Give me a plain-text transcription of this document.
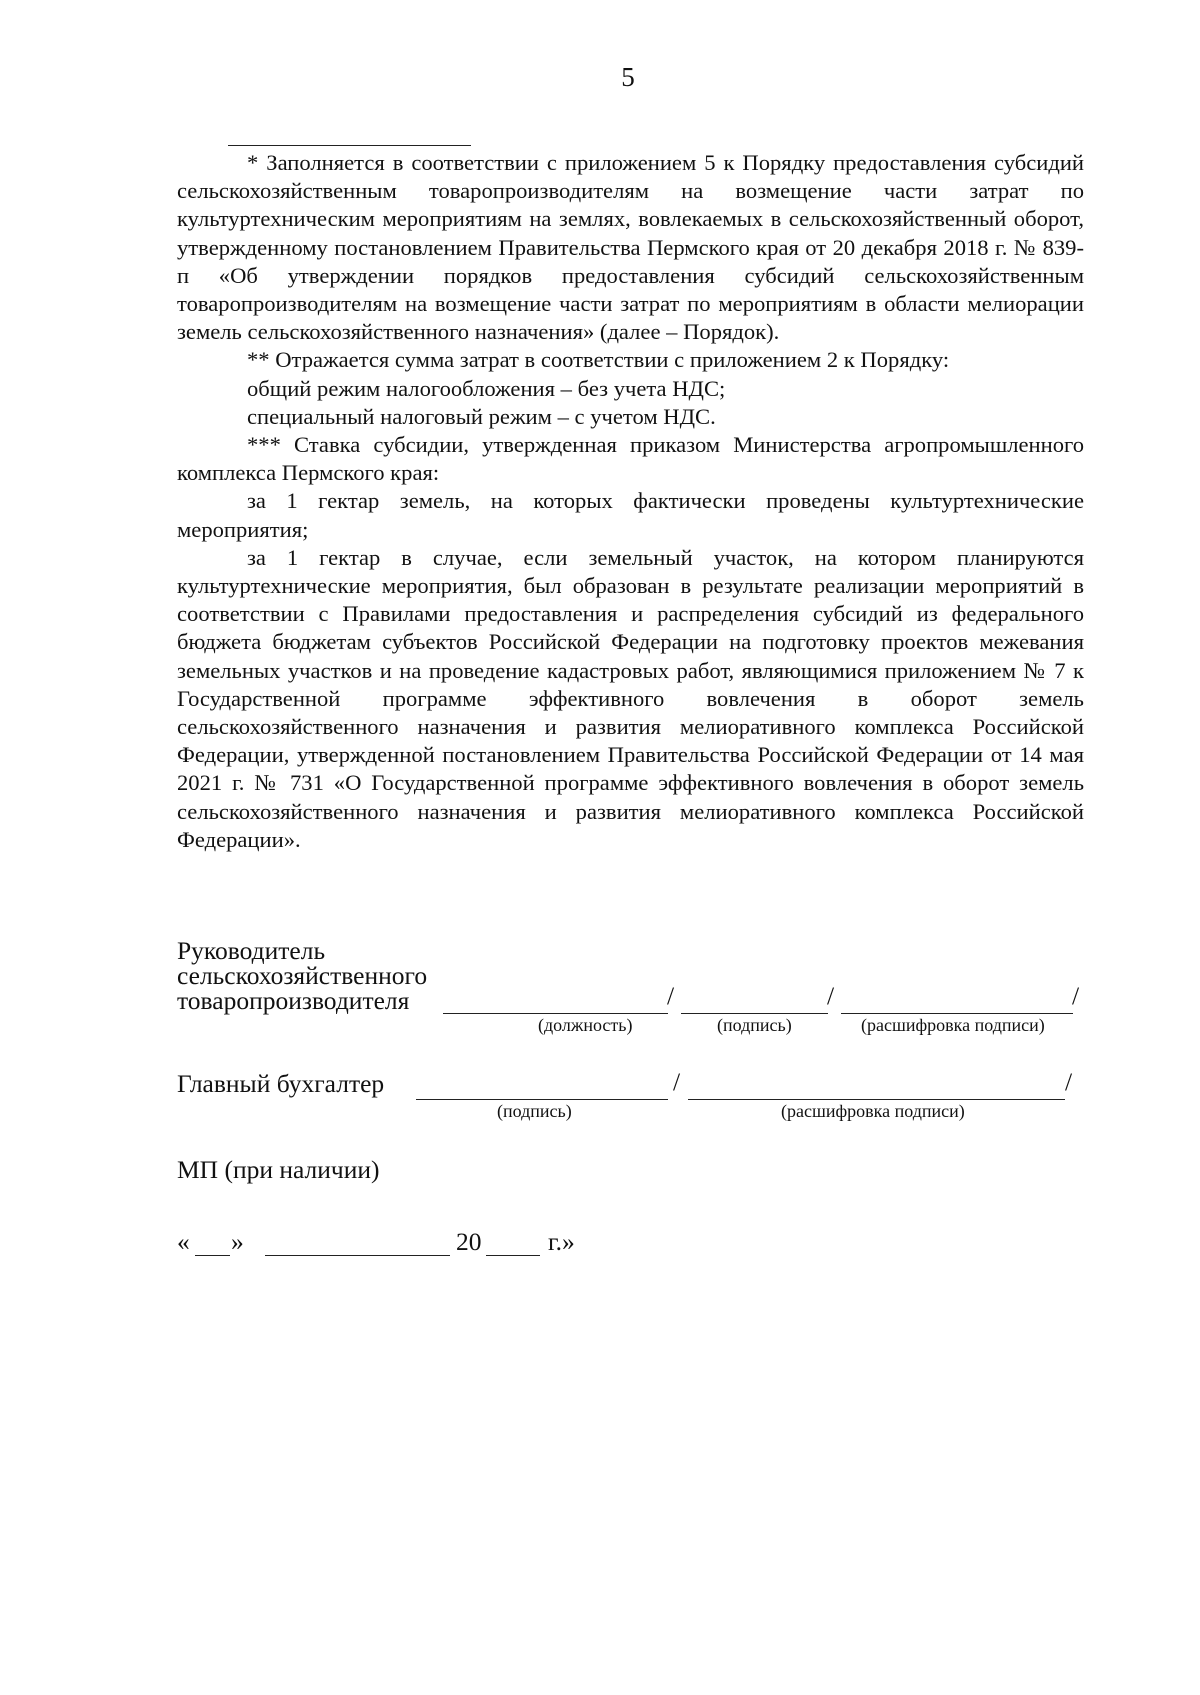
5

* Заполняется в соответствии с приложением 5 к Порядку предоставления субсидий сельскохозяйственным товаропроизводителям на возмещение части затрат по культуртехническим мероприятиям на землях, вовлекаемых в сельскохозяйственный оборот, утвержденному постановлением Правительства Пермского края от 20 декабря 2018 г. № 839-п «Об утверждении порядков предоставления субсидий сельскохозяйственным товаропроизводителям на возмещение части затрат по мероприятиям в области мелиорации земель сельскохозяйственного назначения» (далее – Порядок).

** Отражается сумма затрат в соответствии с приложением 2 к Порядку:

общий режим налогообложения – без учета НДС;

специальный налоговый режим – с учетом НДС.

*** Ставка субсидии, утвержденная приказом Министерства агропромышленного комплекса Пермского края:

за 1 гектар земель, на которых фактически проведены культуртехнические мероприятия;

за 1 гектар в случае, если земельный участок, на котором планируются культуртехнические мероприятия, был образован в результате реализации мероприятий в соответствии с Правилами предоставления и распределения субсидий из федерального бюджета бюджетам субъектов Российской Федерации на подготовку проектов межевания земельных участков и на проведение кадастровых работ, являющимися приложением № 7 к Государственной программе эффективного вовлечения в оборот земель сельскохозяйственного назначения и развития мелиоративного комплекса Российской Федерации, утвержденной постановлением Правительства Российской Федерации от 14 мая 2021 г. № 731 «О Государственной программе эффективного вовлечения в оборот земель сельскохозяйственного назначения и развития мелиоративного комплекса Российской Федерации».

Руководитель
сельскохозяйственного
товаропроизводителя	/	/	/
(должность)	(подпись)	(расшифровка подписи)
Главный бухгалтер	/	/
(подпись)	(расшифровка подписи)
МП (при наличии)
« »	20	г.»
